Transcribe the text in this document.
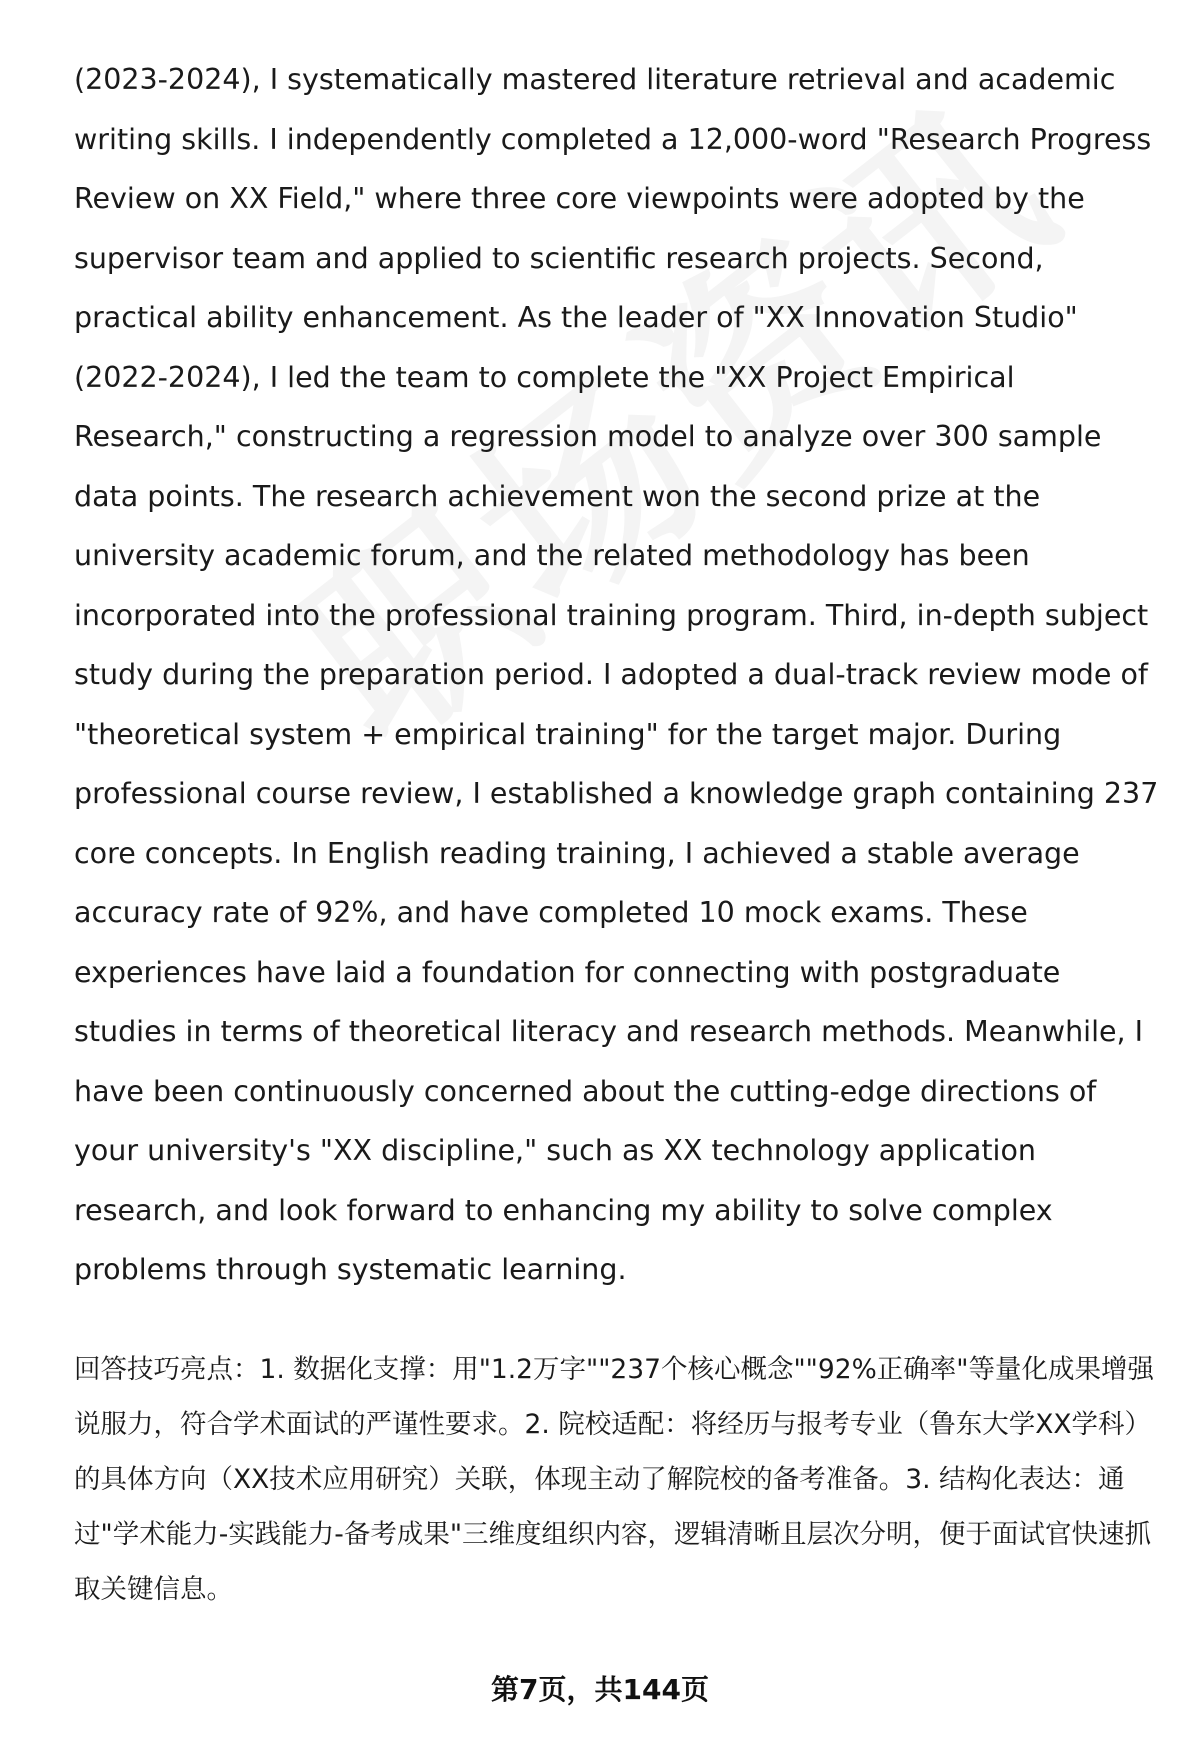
(2023-2024), I systematically mastered literature retrieval and academic writing skills. I independently completed a 12,000-word "Research Progress Review on XX Field," where three core viewpoints were adopted by the supervisor team and applied to scientific research projects. Second, practical ability enhancement. As the leader of "XX Innovation Studio" (2022-2024), I led the team to complete the "XX Project Empirical Research," constructing a regression model to analyze over 300 sample data points. The research achievement won the second prize at the university academic forum, and the related methodology has been incorporated into the professional training program. Third, in-depth subject study during the preparation period. I adopted a dual-track review mode of "theoretical system + empirical training" for the target major. During professional course review, I established a knowledge graph containing 237 core concepts. In English reading training, I achieved a stable average accuracy rate of 92%, and have completed 10 mock exams. These experiences have laid a foundation for connecting with postgraduate studies in terms of theoretical literacy and research methods. Meanwhile, I have been continuously concerned about the cutting-edge directions of your university's "XX discipline," such as XX technology application research, and look forward to enhancing my ability to solve complex problems through systematic learning.

回答技巧亮点：1. 数据化支撑：用"1.2万字""237个核心概念""92%正确率"等量化成果增强说服力，符合学术面试的严谨性要求。2. 院校适配：将经历与报考专业（鲁东大学XX学科）的具体方向（XX技术应用研究）关联，体现主动了解院校的备考准备。3. 结构化表达：通过"学术能力-实践能力-备考成果"三维度组织内容，逻辑清晰且层次分明，便于面试官快速抓取关键信息。

第7页，共144页
